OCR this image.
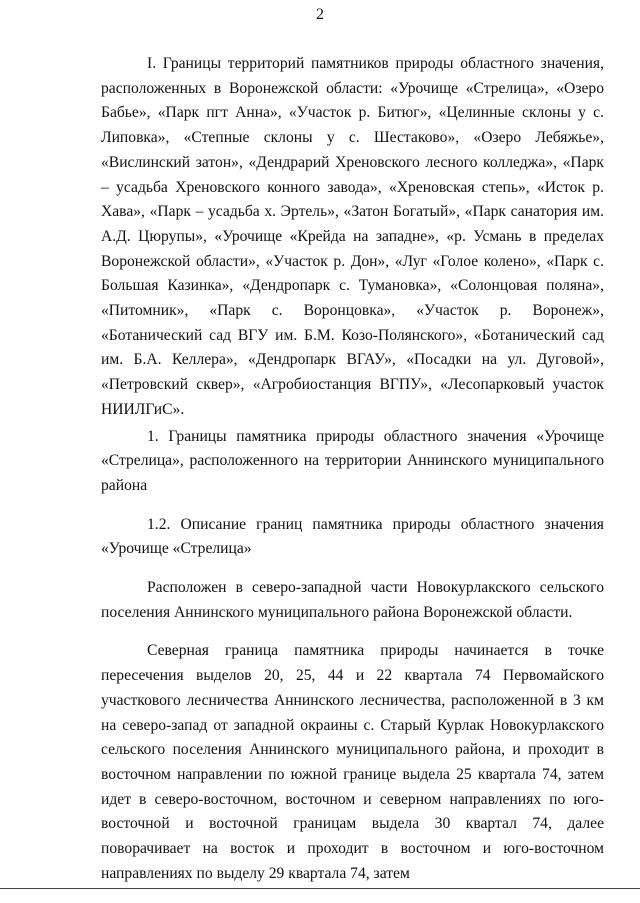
2

I. Границы территорий памятников природы областного значения, расположенных в Воронежской области: «Урочище «Стрелица», «Озеро Бабье», «Парк пгт Анна», «Участок р. Битюг», «Целинные склоны у с. Липовка», «Степные склоны у с. Шестаково», «Озеро Лебяжье», «Вислинский затон», «Дендрарий Хреновского лесного колледжа», «Парк – усадьба Хреновского конного завода», «Хреновская степь», «Исток р. Хава», «Парк – усадьба х. Эртель», «Затон Богатый», «Парк санатория им. А.Д. Цюрупы», «Урочище «Крейда на западне», «р. Усмань в пределах Воронежской области», «Участок р. Дон», «Луг «Голое колено», «Парк с. Большая Казинка», «Дендропарк с. Тумановка», «Солонцовая поляна», «Питомник», «Парк с. Воронцовка», «Участок р. Воронеж», «Ботанический сад ВГУ им. Б.М. Козо-Полянского», «Ботанический сад им. Б.А. Келлера», «Дендропарк ВГАУ», «Посадки на ул. Дуговой», «Петровский сквер», «Агробиостанция ВГПУ», «Лесопарковый участок НИИЛГиС».

1. Границы памятника природы областного значения «Урочище «Стрелица», расположенного на территории Аннинского муниципального района

1.2. Описание границ памятника природы областного значения «Урочище «Стрелица»

Расположен в северо-западной части Новокурлакского сельского поселения Аннинского муниципального района Воронежской области.

Северная граница памятника природы начинается в точке пересечения выделов 20, 25, 44 и 22 квартала 74 Первомайского участкового лесничества Аннинского лесничества, расположенной в 3 км на северо-запад от западной окраины с. Старый Курлак Новокурлакского сельского поселения Аннинского муниципального района, и проходит в восточном направлении по южной границе выдела 25 квартала 74, затем идет в северо-восточном, восточном и северном направлениях по юго-восточной и восточной границам выдела 30 квартал 74, далее поворачивает на восток и проходит в восточном и юго-восточном направлениях по выделу 29 квартала 74, затем
